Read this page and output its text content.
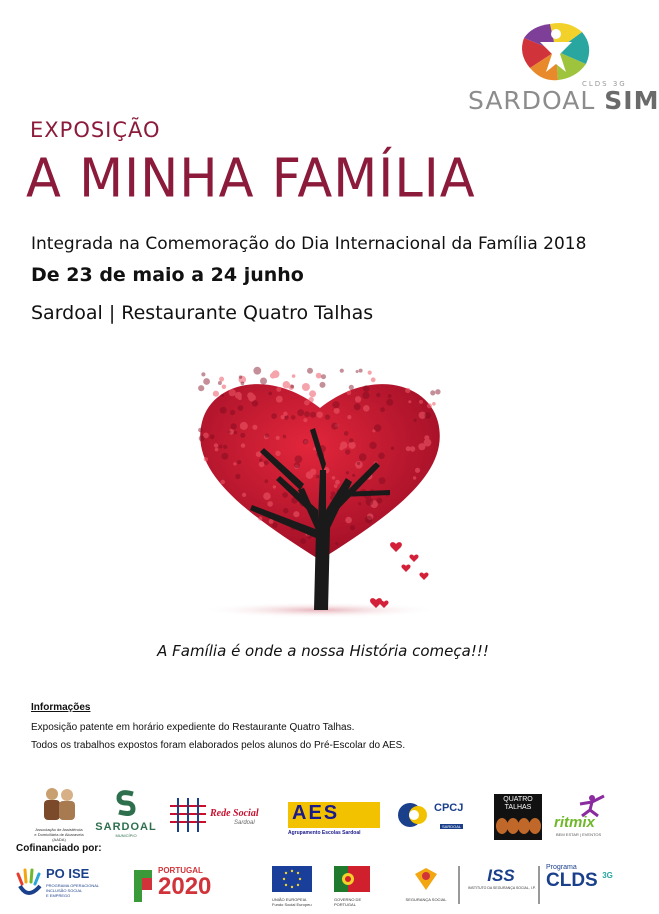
CLDS 3G
SARDOAL SIM
EXPOSIÇÃO
A MINHA FAMÍLIA
Integrada na Comemoração do Dia Internacional da Família 2018
De 23 de maio a 24 junho
Sardoal | Restaurante Quatro Talhas
A Família é onde a nossa História começa!!!
Informações
Exposição patente em horário expediente do Restaurante Quatro Talhas.
Todos os trabalhos expostos foram elaborados pelos alunos do Pré-Escolar do AES.
Associação de Assistência e Domiciliária de Alcaravela (AADA)
SARDOAL
MUNICÍPIO
Rede Social
Sardoal AES
Agrupamento Escolas Sardoal
CPCJ
SARDOAL
QUATRO
TALHAS
ritmix
BEM ESTAR | EVENTOS
Cofinanciado por:
PO ISE
PROGRAMA OPERACIONAL
INCLUSÃO SOCIAL
E EMPREGO
PORTUGAL
2020	UNIÃO EUROPEIA
Fundo Social Europeu
GOVERNO DE PORTUGAL
SEGURANÇA SOCIAL
ISS
INSTITUTO DA SEGURANÇA SOCIAL, I.P.
Programa
CLDS 3G
